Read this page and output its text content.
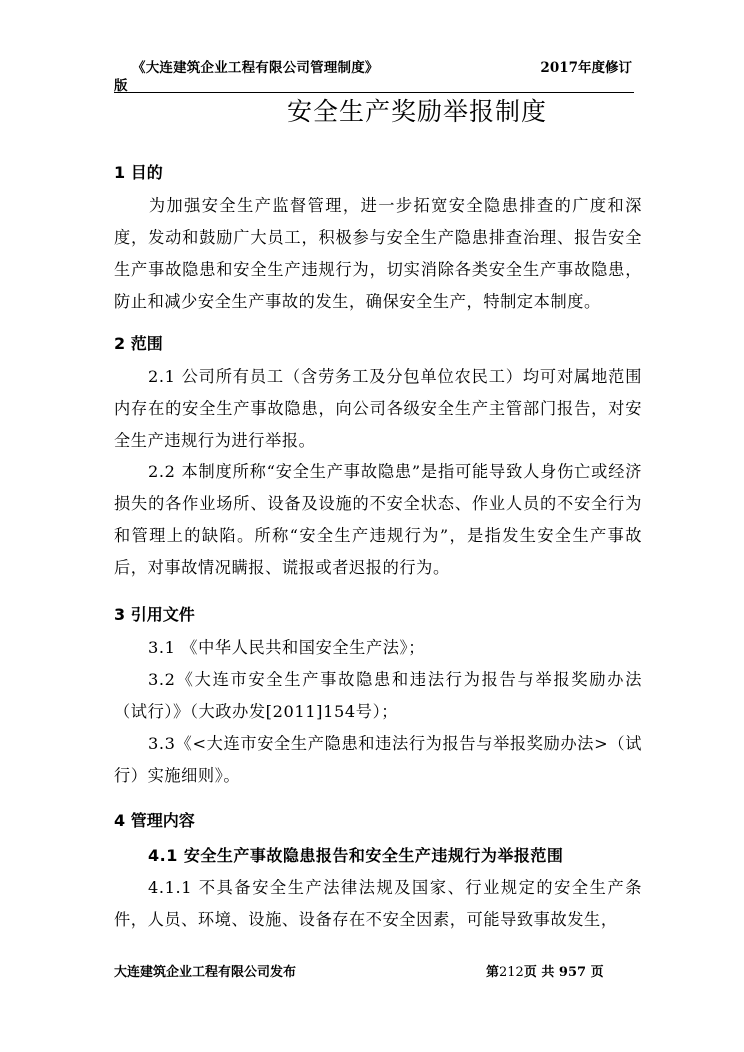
《大连建筑企业工程有限公司管理制度》	2017年度修订
版
安全生产奖励举报制度
1 目的

为加强安全生产监督管理，进一步拓宽安全隐患排查的广度和深度，发动和鼓励广大员工，积极参与安全生产隐患排查治理、报告安全生产事故隐患和安全生产违规行为，切实消除各类安全生产事故隐患，防止和减少安全生产事故的发生，确保安全生产，特制定本制度。

2 范围

2.1 公司所有员工（含劳务工及分包单位农民工）均可对属地范围内存在的安全生产事故隐患，向公司各级安全生产主管部门报告，对安全生产违规行为进行举报。

2.2 本制度所称“安全生产事故隐患”是指可能导致人身伤亡或经济损失的各作业场所、设备及设施的不安全状态、作业人员的不安全行为和管理上的缺陷。所称“安全生产违规行为”，是指发生安全生产事故后，对事故情况瞒报、谎报或者迟报的行为。

3 引用文件

3.1 《中华人民共和国安全生产法》；

3.2《大连市安全生产事故隐患和违法行为报告与举报奖励办法（试行）》（大政办发[2011]154号）；

3.3《<大连市安全生产隐患和违法行为报告与举报奖励办法>（试行）实施细则》。

4 管理内容
4.1 安全生产事故隐患报告和安全生产违规行为举报范围

4.1.1 不具备安全生产法律法规及国家、行业规定的安全生产条件，人员、环境、设施、设备存在不安全因素，可能导致事故发生，

大连建筑企业工程有限公司发布	第212页 共 957 页
